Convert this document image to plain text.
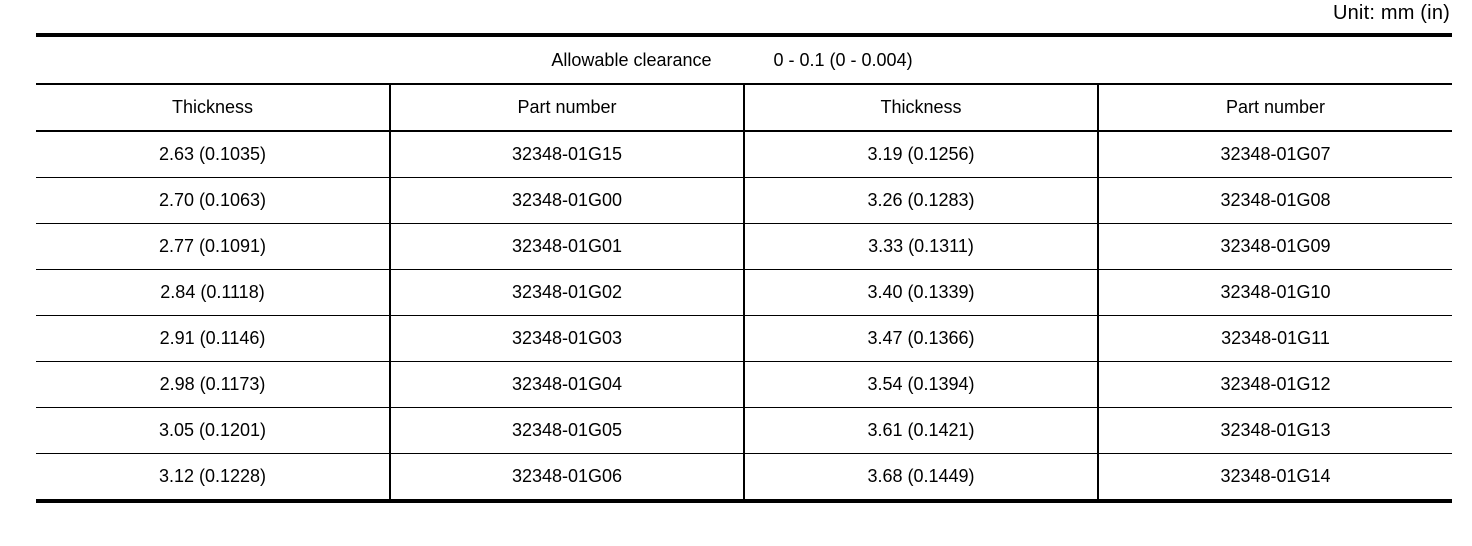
Unit: mm (in)
Allowable clearance 0 - 0.1 (0 - 0.004)			

Thickness	Part number	Thickness	Part number
2.63 (0.1035)	32348-01G15	3.19 (0.1256)	32348-01G07
2.70 (0.1063)	32348-01G00	3.26 (0.1283)	32348-01G08
2.77 (0.1091)	32348-01G01	3.33 (0.1311)	32348-01G09
2.84 (0.1118)	32348-01G02	3.40 (0.1339)	32348-01G10
2.91 (0.1146)	32348-01G03	3.47 (0.1366)	32348-01G11
2.98 (0.1173)	32348-01G04	3.54 (0.1394)	32348-01G12
3.05 (0.1201)	32348-01G05	3.61 (0.1421)	32348-01G13
3.12 (0.1228)	32348-01G06	3.68 (0.1449)	32348-01G14
